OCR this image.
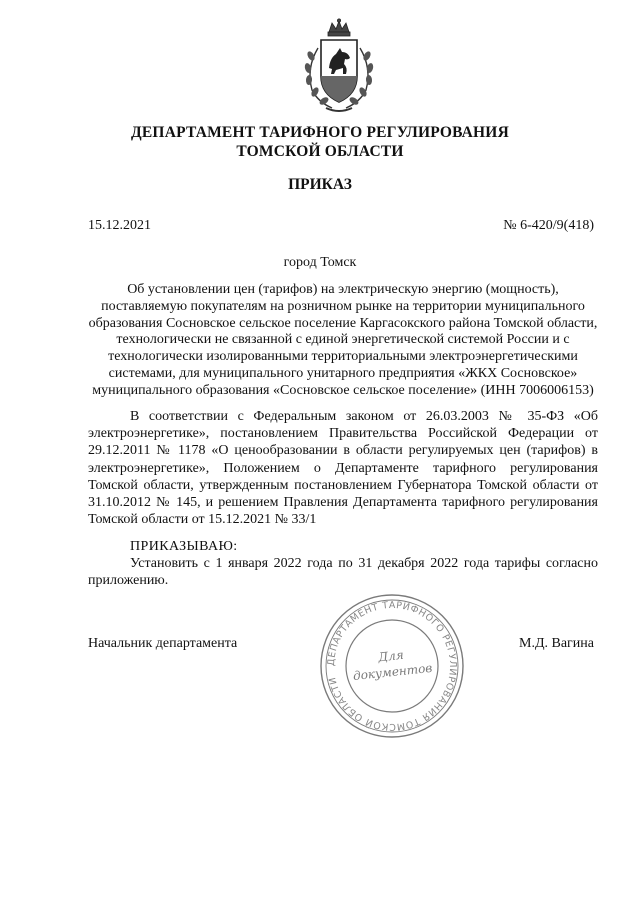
ДЕПАРТАМЕНТ ТАРИФНОГО РЕГУЛИРОВАНИЯ
ТОМСКОЙ ОБЛАСТИ
ПРИКАЗ
15.12.2021	№ 6-420/9(418)
город Томск
Об установлении цен (тарифов) на электрическую энергию (мощность), поставляемую покупателям на розничном рынке на территории муниципального образования Сосновское сельское поселение Каргасокского района Томской области, технологически не связанной с единой энергетической системой России и с технологически изолированными территориальными электроэнергетическими системами, для муниципального унитарного предприятия «ЖКХ Сосновское» муниципального образования «Сосновское сельское поселение» (ИНН 7006006153)
В соответствии с Федеральным законом от 26.03.2003 № 35-ФЗ «Об электроэнергетике», постановлением Правительства Российской Федерации от 29.12.2011 № 1178 «О ценообразовании в области регулируемых цен (тарифов) в электроэнергетике», Положением о Департаменте тарифного регулирования Томской области, утвержденным постановлением Губернатора Томской области от 31.10.2012 № 145, и решением Правления Департамента тарифного регулирования Томской области от 15.12.2021 № 33/1
ПРИКАЗЫВАЮ:
Установить с 1 января 2022 года по 31 декабря 2022 года тарифы согласно приложению.
Начальник департамента	М.Д. Вагина
ДЕПАРТАМЕНТ ТАРИФНОГО РЕГУЛИРОВАНИЯ ТОМСКОЙ ОБЛАСТИ
Для
документов
